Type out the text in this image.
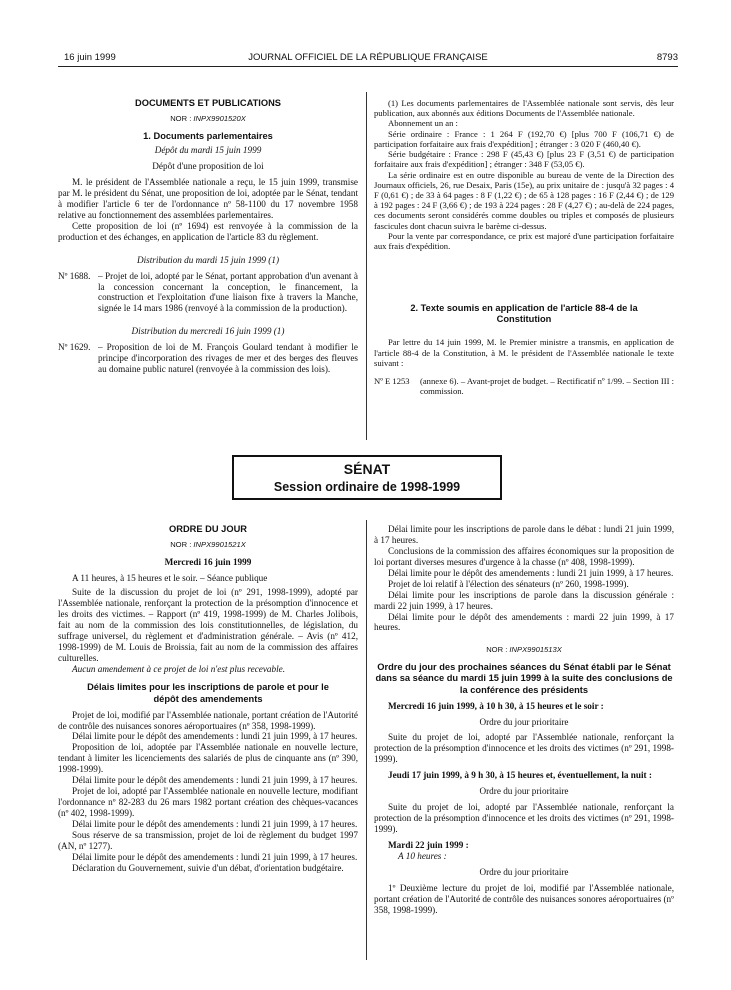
16 juin 1999	JOURNAL OFFICIEL DE LA RÉPUBLIQUE FRANÇAISE	8793
DOCUMENTS ET PUBLICATIONS
NOR : INPX9901520X
1. Documents parlementaires

Dépôt du mardi 15 juin 1999

Dépôt d'une proposition de loi

M. le président de l'Assemblée nationale a reçu, le 15 juin 1999, transmise par M. le président du Sénat, une proposition de loi, adoptée par le Sénat, tendant à modifier l'article 6 ter de l'ordonnance nº 58-1100 du 17 novembre 1958 relative au fonctionnement des assemblées parlementaires.

Cette proposition de loi (nº 1694) est renvoyée à la commission de la production et des échanges, en application de l'article 83 du règlement.

Distribution du mardi 15 juin 1999 (1)

Nº 1688. – Projet de loi, adopté par le Sénat, portant approbation d'un avenant à la concession concernant la conception, le financement, la construction et l'exploitation d'une liaison fixe à travers la Manche, signée le 14 mars 1986 (renvoyé à la commission de la production).

Distribution du mercredi 16 juin 1999 (1)

Nº 1629. – Proposition de loi de M. François Goulard tendant à modifier le principe d'incorporation des rivages de mer et des berges des fleuves au domaine public naturel (renvoyée à la commission des lois).

(1) Les documents parlementaires de l'Assemblée nationale sont servis, dès leur publication, aux abonnés aux éditions Documents de l'Assemblée nationale.

Abonnement un an :

Série ordinaire : France : 1 264 F (192,70 €) [plus 700 F (106,71 €) de participation forfaitaire aux frais d'expédition] ; étranger : 3 020 F (460,40 €).

Série budgétaire : France : 298 F (45,43 €) [plus 23 F (3,51 €) de participation forfaitaire aux frais d'expédition] ; étranger : 348 F (53,05 €).

La série ordinaire est en outre disponible au bureau de vente de la Direction des Journaux officiels, 26, rue Desaix, Paris (15e), au prix unitaire de : jusqu'à 32 pages : 4 F (0,61 €) ; de 33 à 64 pages : 8 F (1,22 €) ; de 65 à 128 pages : 16 F (2,44 €) ; de 129 à 192 pages : 24 F (3,66 €) ; de 193 à 224 pages : 28 F (4,27 €) ; au-delà de 224 pages, ces documents seront considérés comme doubles ou triples et composés de plusieurs fascicules dont chacun suivra le barème ci-dessus.

Pour la vente par correspondance, ce prix est majoré d'une participation forfaitaire aux frais d'expédition.

2. Texte soumis en application de l'article 88-4 de la Constitution

Par lettre du 14 juin 1999, M. le Premier ministre a transmis, en application de l'article 88-4 de la Constitution, à M. le président de l'Assemblée nationale le texte suivant :

Nº E 1253	(annexe 6). – Avant-projet de budget. – Rectificatif nº 1/99. – Section III : commission.
SÉNAT
Session ordinaire de 1998-1999
ORDRE DU JOUR
NOR : INPX9901521X

Mercredi 16 juin 1999

A 11 heures, à 15 heures et le soir. – Séance publique

Suite de la discussion du projet de loi (nº 291, 1998-1999), adopté par l'Assemblée nationale, renforçant la protection de la présomption d'innocence et les droits des victimes. – Rapport (nº 419, 1998-1999) de M. Charles Jolibois, fait au nom de la commission des lois constitutionnelles, de législation, du suffrage universel, du règlement et d'administration générale. – Avis (nº 412, 1998-1999) de M. Louis de Broissia, fait au nom de la commission des affaires culturelles.

Aucun amendement à ce projet de loi n'est plus recevable.

Délais limites pour les inscriptions de parole et pour le dépôt des amendements

Projet de loi, modifié par l'Assemblée nationale, portant création de l'Autorité de contrôle des nuisances sonores aéroportuaires (nº 358, 1998-1999).

Délai limite pour le dépôt des amendements : lundi 21 juin 1999, à 17 heures.

Proposition de loi, adoptée par l'Assemblée nationale en nouvelle lecture, tendant à limiter les licenciements des salariés de plus de cinquante ans (nº 390, 1998-1999).

Délai limite pour le dépôt des amendements : lundi 21 juin 1999, à 17 heures.

Projet de loi, adopté par l'Assemblée nationale en nouvelle lecture, modifiant l'ordonnance nº 82-283 du 26 mars 1982 portant création des chèques-vacances (nº 402, 1998-1999).

Délai limite pour le dépôt des amendements : lundi 21 juin 1999, à 17 heures.

Sous réserve de sa transmission, projet de loi de règlement du budget 1997 (AN, nº 1277).

Délai limite pour le dépôt des amendements : lundi 21 juin 1999, à 17 heures.

Déclaration du Gouvernement, suivie d'un débat, d'orientation budgétaire.

Délai limite pour les inscriptions de parole dans le débat : lundi 21 juin 1999, à 17 heures.

Conclusions de la commission des affaires économiques sur la proposition de loi portant diverses mesures d'urgence à la chasse (nº 408, 1998-1999).

Délai limite pour le dépôt des amendements : lundi 21 juin 1999, à 17 heures.

Projet de loi relatif à l'élection des sénateurs (nº 260, 1998-1999).

Délai limite pour les inscriptions de parole dans la discussion générale : mardi 22 juin 1999, à 17 heures.

Délai limite pour le dépôt des amendements : mardi 22 juin 1999, à 17 heures.

NOR : INPX9901513X
Ordre du jour des prochaines séances du Sénat établi par le Sénat dans sa séance du mardi 15 juin 1999 à la suite des conclusions de la conférence des présidents

Mercredi 16 juin 1999, à 10 h 30, à 15 heures et le soir :

Ordre du jour prioritaire

Suite du projet de loi, adopté par l'Assemblée nationale, renforçant la protection de la présomption d'innocence et les droits des victimes (nº 291, 1998-1999).

Jeudi 17 juin 1999, à 9 h 30, à 15 heures et, éventuellement, la nuit :

Ordre du jour prioritaire

Suite du projet de loi, adopté par l'Assemblée nationale, renforçant la protection de la présomption d'innocence et les droits des victimes (nº 291, 1998-1999).

Mardi 22 juin 1999 :

A 10 heures :

Ordre du jour prioritaire

1º Deuxième lecture du projet de loi, modifié par l'Assemblée nationale, portant création de l'Autorité de contrôle des nuisances sonores aéroportuaires (nº 358, 1998-1999).
